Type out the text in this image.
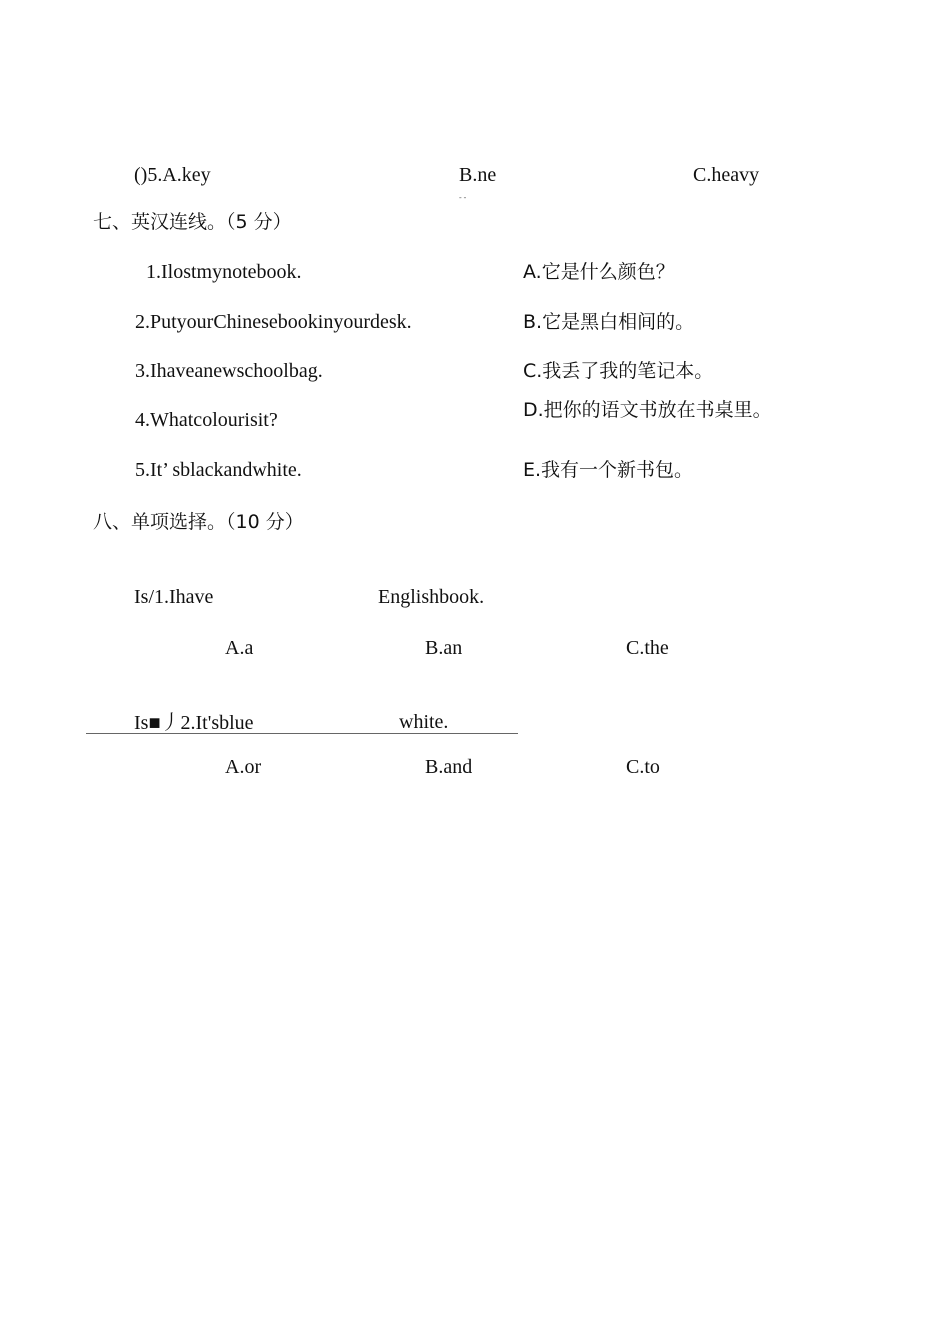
()5.A.key	B.ne
- -
C.heavy
七、英汉连线。（5 分）
1.Ilostmynotebook.
2.PutyourChinesebookinyourdesk.
3.Ihaveanewschoolbag.
4.Whatcolourisit?
5.It’ sblackandwhite.
A.它是什么颜色？
B.它是黑白相间的。
C.我丢了我的笔记本。
D.把你的语文书放在书桌里。
E.我有一个新书包。
八、单项选择。（10 分）
Is/1.Ihave	Englishbook.
A.a	B.an	C.the
Is■丿2.It'sblue	white.
A.or	B.and	C.to
